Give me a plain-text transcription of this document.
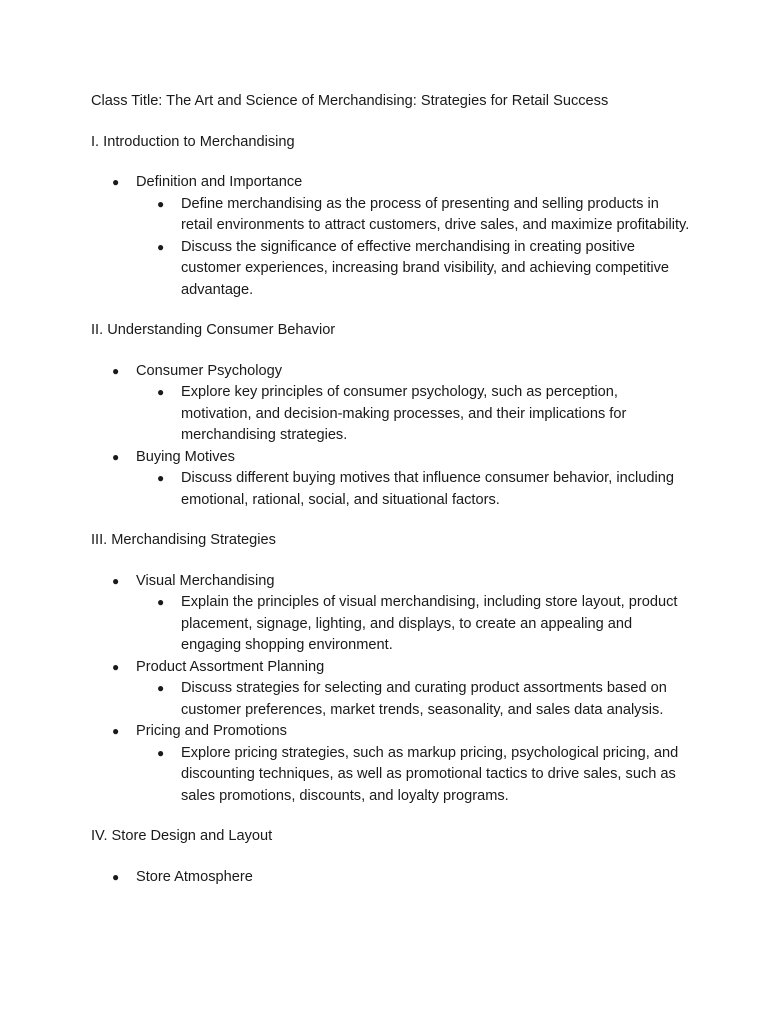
Class Title: The Art and Science of Merchandising: Strategies for Retail Success

I. Introduction to Merchandising

● Definition and Importance
● Define merchandising as the process of presenting and selling products in retail environments to attract customers, drive sales, and maximize profitability.
● Discuss the significance of effective merchandising in creating positive customer experiences, increasing brand visibility, and achieving competitive advantage.

II. Understanding Consumer Behavior

● Consumer Psychology
● Explore key principles of consumer psychology, such as perception, motivation, and decision-making processes, and their implications for merchandising strategies.
● Buying Motives
● Discuss different buying motives that influence consumer behavior, including emotional, rational, social, and situational factors.

III. Merchandising Strategies

● Visual Merchandising
● Explain the principles of visual merchandising, including store layout, product placement, signage, lighting, and displays, to create an appealing and engaging shopping environment.
● Product Assortment Planning
● Discuss strategies for selecting and curating product assortments based on customer preferences, market trends, seasonality, and sales data analysis.
● Pricing and Promotions
● Explore pricing strategies, such as markup pricing, psychological pricing, and discounting techniques, as well as promotional tactics to drive sales, such as sales promotions, discounts, and loyalty programs.

IV. Store Design and Layout

● Store Atmosphere
